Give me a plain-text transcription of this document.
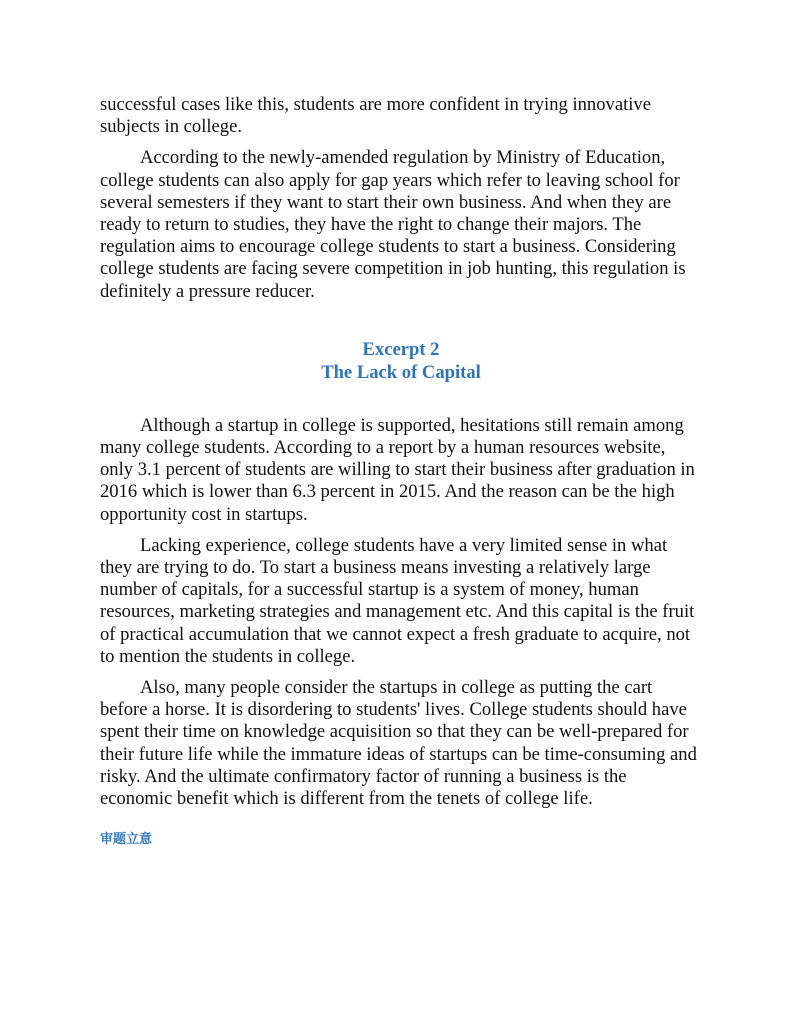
successful cases like this, students are more confident in trying innovative subjects in college.

According to the newly-amended regulation by Ministry of Education, college students can also apply for gap years which refer to leaving school for several semesters if they want to start their own business. And when they are ready to return to studies, they have the right to change their majors. The regulation aims to encourage college students to start a business. Considering college students are facing severe competition in job hunting, this regulation is definitely a pressure reducer.

Excerpt 2
The Lack of Capital

Although a startup in college is supported, hesitations still remain among many college students. According to a report by a human resources website, only 3.1 percent of students are willing to start their business after graduation in 2016 which is lower than 6.3 percent in 2015. And the reason can be the high opportunity cost in startups.

Lacking experience, college students have a very limited sense in what they are trying to do. To start a business means investing a relatively large number of capitals, for a successful startup is a system of money, human resources, marketing strategies and management etc. And this capital is the fruit of practical accumulation that we cannot expect a fresh graduate to acquire, not to mention the students in college.

Also, many people consider the startups in college as putting the cart before a horse. It is disordering to students' lives. College students should have spent their time on knowledge acquisition so that they can be well-prepared for their future life while the immature ideas of startups can be time-consuming and risky. And the ultimate confirmatory factor of running a business is the economic benefit which is different from the tenets of college life.

审题立意
